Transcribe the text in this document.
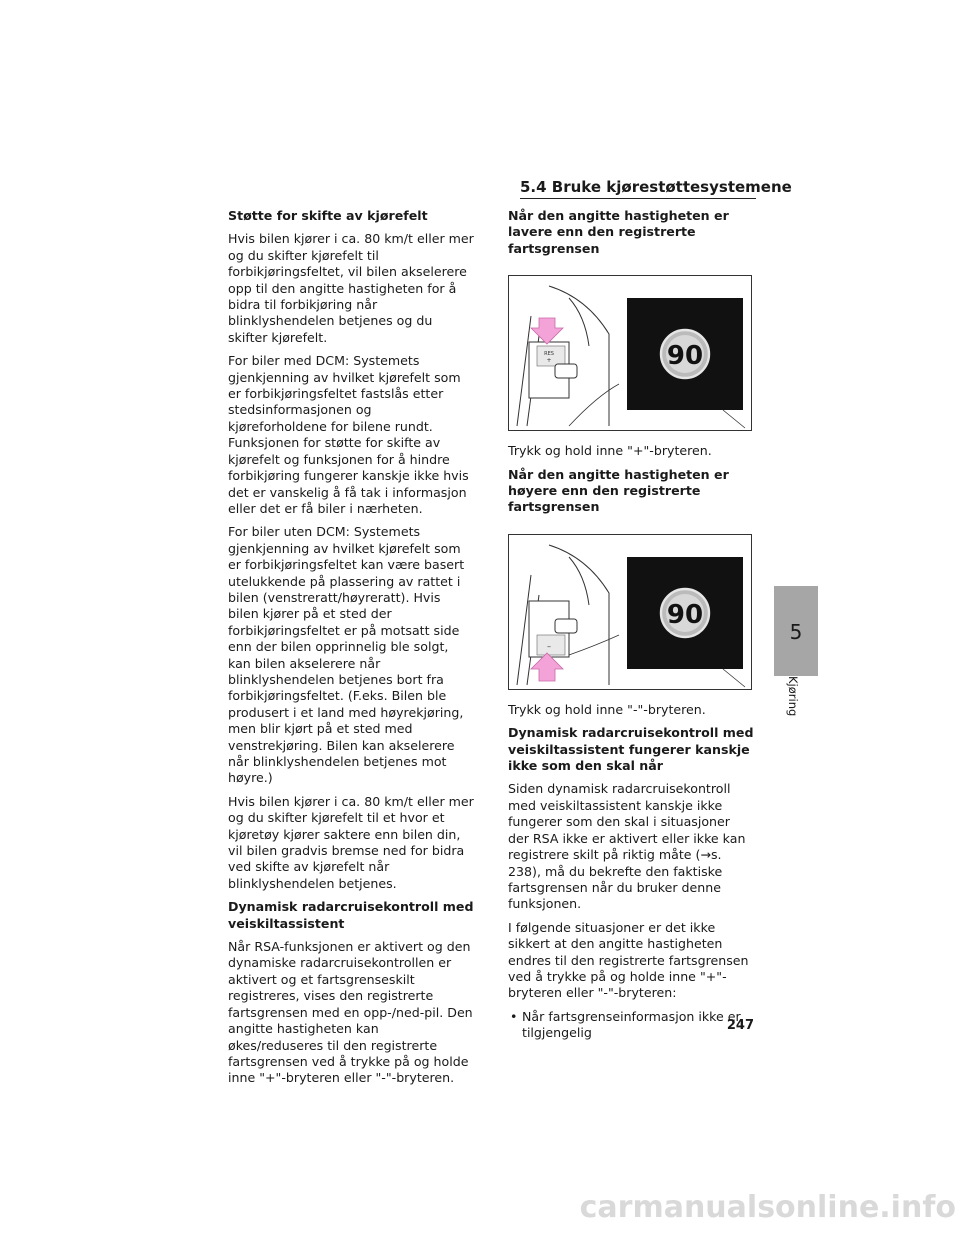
5.4 Bruke kjørestøttesystemene
Støtte for skifte av kjørefelt

Hvis bilen kjører i ca. 80 km/t eller mer og du skifter kjørefelt til forbikjøringsfeltet, vil bilen akselerere opp til den angitte hastigheten for å bidra til forbikjøring når blinklyshendelen betjenes og du skifter kjørefelt.

For biler med DCM: Systemets gjenkjenning av hvilket kjørefelt som er forbikjøringsfeltet fastslås etter stedsinformasjonen og kjøreforholdene for bilene rundt. Funksjonen for støtte for skifte av kjørefelt og funksjonen for å hindre forbikjøring fungerer kanskje ikke hvis det er vanskelig å få tak i informasjon eller det er få biler i nærheten.

For biler uten DCM: Systemets gjenkjenning av hvilket kjørefelt som er forbikjøringsfeltet kan være basert utelukkende på plassering av rattet i bilen (venstreratt/høyreratt). Hvis bilen kjører på et sted der forbikjøringsfeltet er på motsatt side enn der bilen opprinnelig ble solgt, kan bilen akselerere når blinklyshendelen betjenes bort fra forbikjøringsfeltet. (F.eks. Bilen ble produsert i et land med høyrekjøring, men blir kjørt på et sted med venstrekjøring. Bilen kan akselerere når blinklyshendelen betjenes mot høyre.)

Hvis bilen kjører i ca. 80 km/t eller mer og du skifter kjørefelt til et hvor et kjøretøy kjører saktere enn bilen din, vil bilen gradvis bremse ned for bidra ved skifte av kjørefelt når blinklyshendelen betjenes.

Dynamisk radarcruisekontroll med veiskiltassistent

Når RSA-funksjonen er aktivert og den dynamiske radarcruisekontrollen er aktivert og et fartsgrenseskilt registreres, vises den registrerte fartsgrensen med en opp-/ned-pil. Den angitte hastigheten kan økes/reduseres til den registrerte fartsgrensen ved å trykke på og holde inne "+"-bryteren eller "-"-bryteren.

Når den angitte hastigheten er lavere enn den registrerte fartsgrensen
RES
+	90

Trykk og hold inne "+"-bryteren.

Når den angitte hastigheten er høyere enn den registrerte fartsgrensen
–
90

Trykk og hold inne "-"-bryteren.

Dynamisk radarcruisekontroll med veiskiltassistent fungerer kanskje ikke som den skal når

Siden dynamisk radarcruisekontroll med veiskiltassistent kanskje ikke fungerer som den skal i situasjoner der RSA ikke er aktivert eller ikke kan registrere skilt på riktig måte (→s. 238), må du bekrefte den faktiske fartsgrensen når du bruker denne funksjonen.

I følgende situasjoner er det ikke sikkert at den angitte hastigheten endres til den registrerte fartsgrensen ved å trykke på og holde inne "+"-bryteren eller "-"-bryteren:

• Når fartsgrenseinformasjon ikke er tilgjengelig

5
Kjøring
247
carmanualsonline.info
